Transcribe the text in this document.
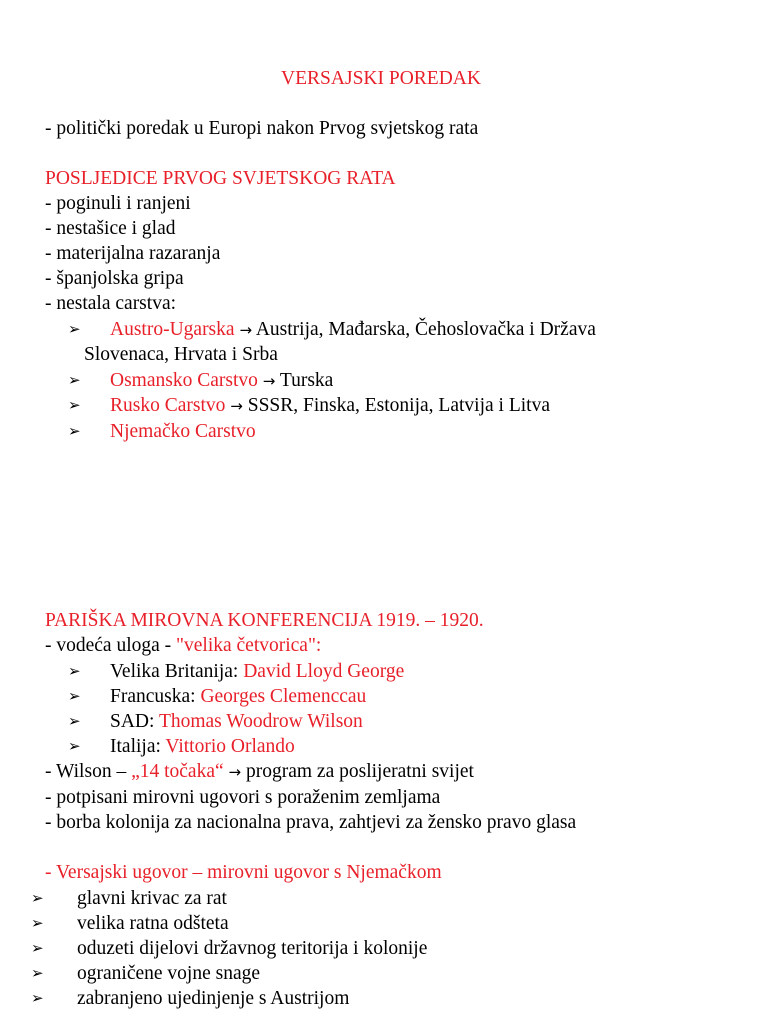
VERSAJSKI POREDAK
- politički poredak u Europi nakon Prvog svjetskog rata
POSLJEDICE PRVOG SVJETSKOG RATA
- poginuli i ranjeni
- nestašice i glad
- materijalna razaranja
- španjolska gripa
- nestala carstva:
➢ Austro-Ugarska → Austrija, Mađarska, Čehoslovačka i Država
Slovenaca, Hrvata i Srba
➢ Osmansko Carstvo → Turska
➢ Rusko Carstvo → SSSR, Finska, Estonija, Latvija i Litva
➢ Njemačko Carstvo
PARIŠKA MIROVNA KONFERENCIJA 1919. – 1920.
- vodeća uloga - "velika četvorica":
➢ Velika Britanija: David Lloyd George
➢ Francuska: Georges Clemenccau
➢ SAD: Thomas Woodrow Wilson
➢ Italija: Vittorio Orlando
- Wilson – „14 točaka“ → program za poslijeratni svijet
- potpisani mirovni ugovori s poraženim zemljama
- borba kolonija za nacionalna prava, zahtjevi za žensko pravo glasa
- Versajski ugovor – mirovni ugovor s Njemačkom
➢ glavni krivac za rat
➢ velika ratna odšteta
➢ oduzeti dijelovi državnog teritorija i kolonije
➢ ograničene vojne snage
➢ zabranjeno ujedinjenje s Austrijom
